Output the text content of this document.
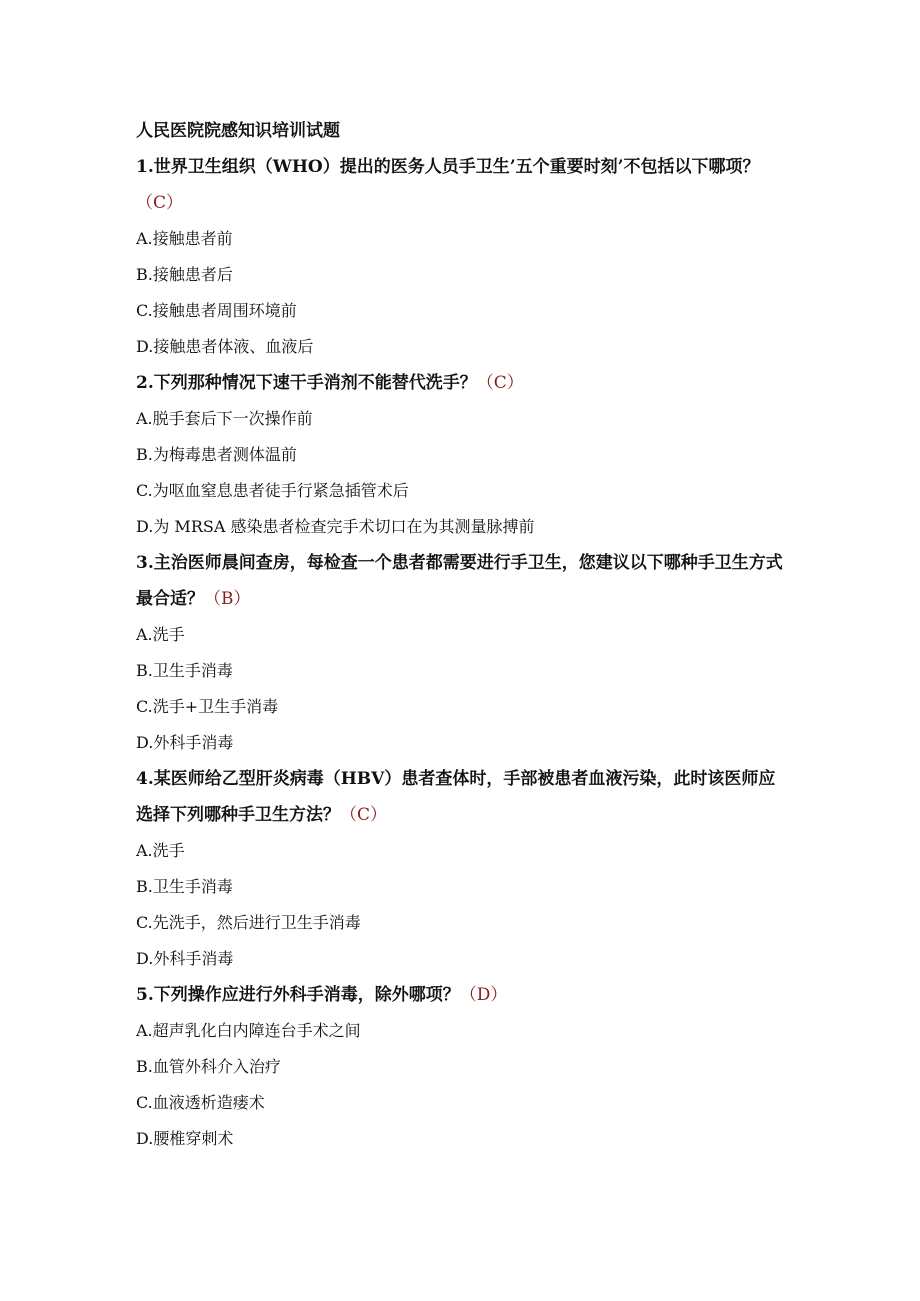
人民医院院感知识培训试题
1.世界卫生组织（WHO）提出的医务人员手卫生’五个重要时刻’不包括以下哪项？（C）
A.接触患者前
B.接触患者后
C.接触患者周围环境前
D.接触患者体液、血液后
2.下列那种情况下速干手消剂不能替代洗手？（C）
A.脱手套后下一次操作前
B.为梅毒患者测体温前
C.为呕血窒息患者徒手行紧急插管术后
D.为 MRSA 感染患者检查完手术切口在为其测量脉搏前
3.主治医师晨间查房，每检查一个患者都需要进行手卫生，您建议以下哪种手卫生方式最合适？（B）
A.洗手
B.卫生手消毒
C.洗手+卫生手消毒
D.外科手消毒
4.某医师给乙型肝炎病毒（HBV）患者查体时，手部被患者血液污染，此时该医师应选择下列哪种手卫生方法？（C）
A.洗手
B.卫生手消毒
C.先洗手，然后进行卫生手消毒
D.外科手消毒
5.下列操作应进行外科手消毒，除外哪项？（D）
A.超声乳化白内障连台手术之间
B.血管外科介入治疗
C.血液透析造瘘术
D.腰椎穿刺术
